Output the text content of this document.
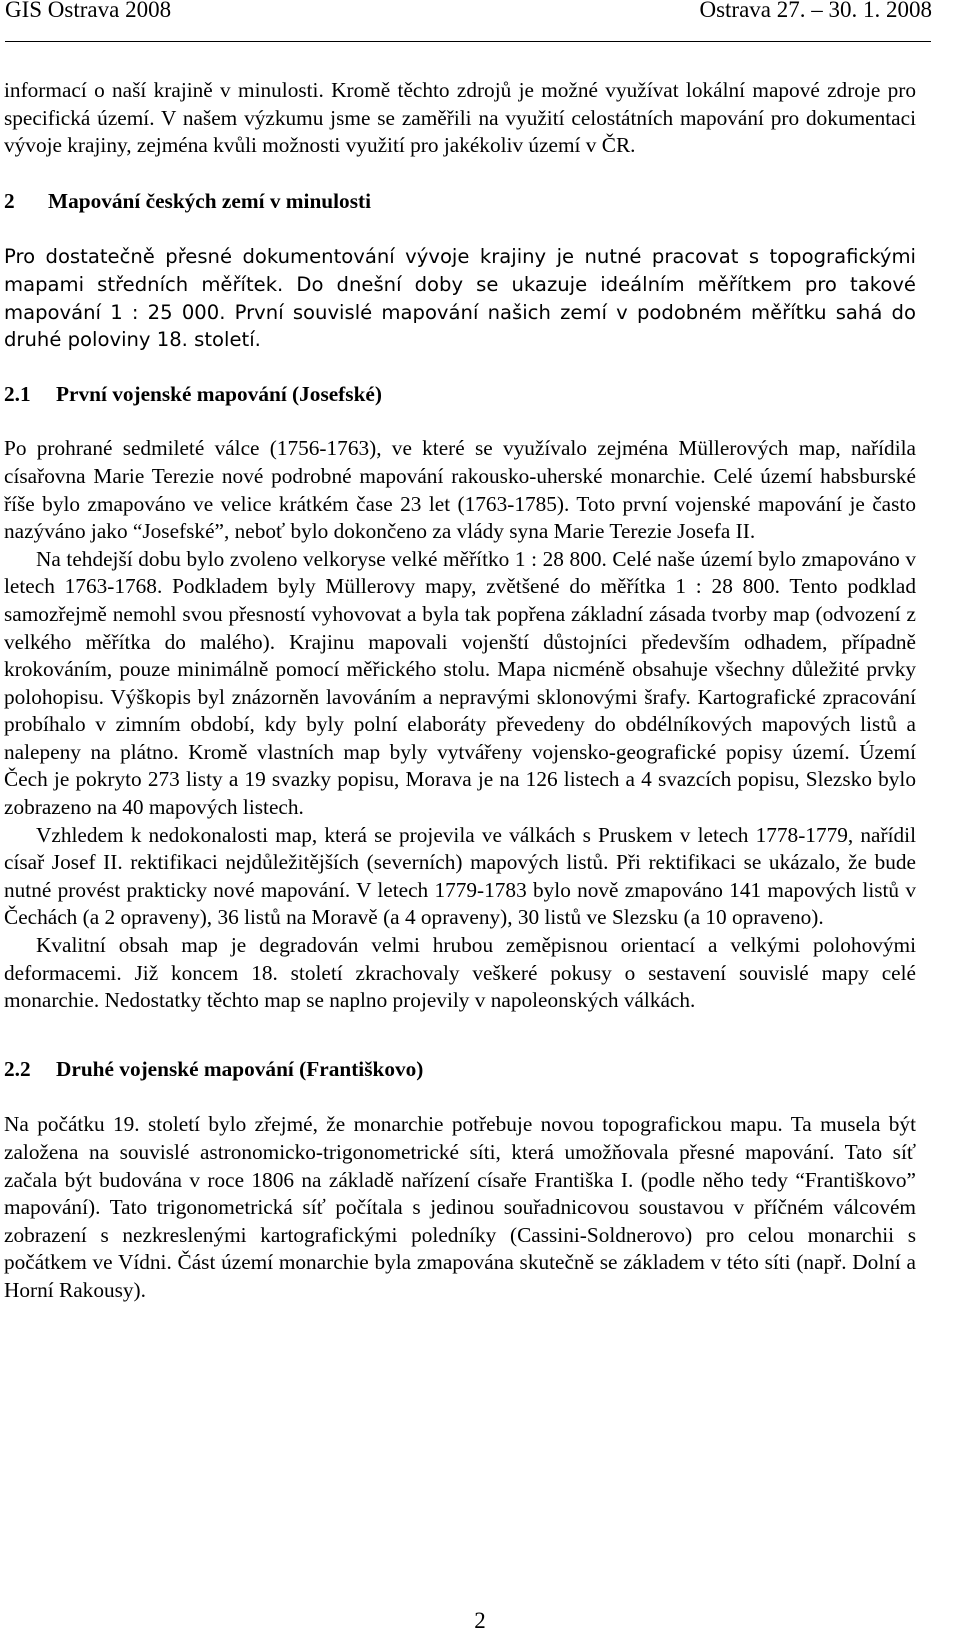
GIS Ostrava 2008	Ostrava 27. – 30. 1. 2008

informací o naší krajině v minulosti. Kromě těchto zdrojů je možné využívat lokální mapové zdroje pro specifická území. V našem výzkumu jsme se zaměřili na využití celostátních mapování pro dokumentaci vývoje krajiny, zejména kvůli možnosti využití pro jakékoliv území v ČR.

2 Mapování českých zemí v minulosti

Pro dostatečně přesné dokumentování vývoje krajiny je nutné pracovat s topografickými mapami středních měřítek. Do dnešní doby se ukazuje ideálním měřítkem pro takové mapování 1 : 25 000. První souvislé mapování našich zemí v podobném měřítku sahá do druhé poloviny 18. století.

2.1 První vojenské mapování (Josefské)

Po prohrané sedmileté válce (1756-1763), ve které se využívalo zejména Müllerových map, nařídila císařovna Marie Terezie nové podrobné mapování rakousko-uherské monarchie. Celé území habsburské říše bylo zmapováno ve velice krátkém čase 23 let (1763-1785). Toto první vojenské mapování je často nazýváno jako “Josefské”, neboť bylo dokončeno za vlády syna Marie Terezie Josefa II.

Na tehdejší dobu bylo zvoleno velkoryse velké měřítko 1 : 28 800. Celé naše území bylo zmapováno v letech 1763-1768. Podkladem byly Müllerovy mapy, zvětšené do měřítka 1 : 28 800. Tento podklad samozřejmě nemohl svou přesností vyhovovat a byla tak popřena základní zásada tvorby map (odvození z velkého měřítka do malého). Krajinu mapovali vojenští důstojníci především odhadem, případně krokováním, pouze minimálně pomocí měřického stolu. Mapa nicméně obsahuje všechny důležité prvky polohopisu. Výškopis byl znázorněn lavováním a nepravými sklonovými šrafy. Kartografické zpracování probíhalo v zimním období, kdy byly polní elaboráty převedeny do obdélníkových mapových listů a nalepeny na plátno. Kromě vlastních map byly vytvářeny vojensko-geografické popisy území. Území Čech je pokryto 273 listy a 19 svazky popisu, Morava je na 126 listech a 4 svazcích popisu, Slezsko bylo zobrazeno na 40 mapových listech.

Vzhledem k nedokonalosti map, která se projevila ve válkách s Pruskem v letech 1778-1779, nařídil císař Josef II. rektifikaci nejdůležitějších (severních) mapových listů. Při rektifikaci se ukázalo, že bude nutné provést prakticky nové mapování. V letech 1779-1783 bylo nově zmapováno 141 mapových listů v Čechách (a 2 opraveny), 36 listů na Moravě (a 4 opraveny), 30 listů ve Slezsku (a 10 opraveno).

Kvalitní obsah map je degradován velmi hrubou zeměpisnou orientací a velkými polohovými deformacemi. Již koncem 18. století zkrachovaly veškeré pokusy o sestavení souvislé mapy celé monarchie. Nedostatky těchto map se naplno projevily v napoleonských válkách.

2.2 Druhé vojenské mapování (Františkovo)

Na počátku 19. století bylo zřejmé, že monarchie potřebuje novou topografickou mapu. Ta musela být založena na souvislé astronomicko-trigonometrické síti, která umožňovala přesné mapování. Tato síť začala být budována v roce 1806 na základě nařízení císaře Františka I. (podle něho tedy “Františkovo” mapování). Tato trigonometrická síť počítala s jedinou souřadnicovou soustavou v příčném válcovém zobrazení s nezkreslenými kartografickými poledníky (Cassini-Soldnerovo) pro celou monarchii s počátkem ve Vídni. Část území monarchie byla zmapována skutečně se základem v této síti (např. Dolní a Horní Rakousy).

2
